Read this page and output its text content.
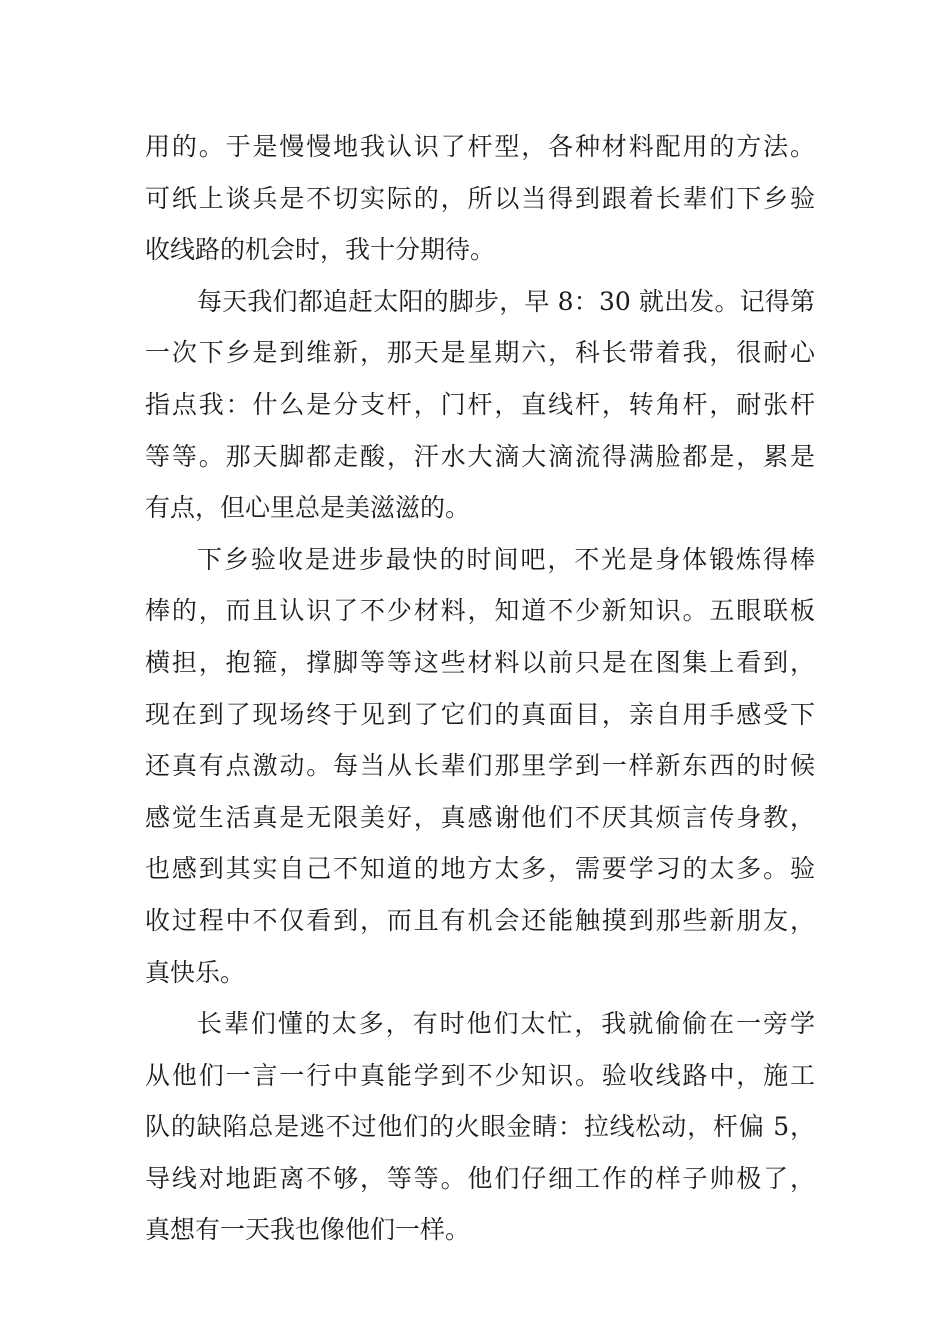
用的。于是慢慢地我认识了杆型，各种材料配用的方法。
可纸上谈兵是不切实际的，所以当得到跟着长辈们下乡验
收线路的机会时，我十分期待。
每天我们都追赶太阳的脚步，早 8：30 就出发。记得第
一次下乡是到维新，那天是星期六，科长带着我，很耐心
指点我：什么是分支杆，门杆，直线杆，转角杆，耐张杆
等等。那天脚都走酸，汗水大滴大滴流得满脸都是，累是
有点，但心里总是美滋滋的。
下乡验收是进步最快的时间吧，不光是身体锻炼得棒
棒的，而且认识了不少材料，知道不少新知识。五眼联板
横担，抱箍，撑脚等等这些材料以前只是在图集上看到，
现在到了现场终于见到了它们的真面目，亲自用手感受下
还真有点激动。每当从长辈们那里学到一样新东西的时候
感觉生活真是无限美好，真感谢他们不厌其烦言传身教，
也感到其实自己不知道的地方太多，需要学习的太多。验
收过程中不仅看到，而且有机会还能触摸到那些新朋友，
真快乐。
长辈们懂的太多，有时他们太忙，我就偷偷在一旁学
从他们一言一行中真能学到不少知识。验收线路中，施工
队的缺陷总是逃不过他们的火眼金睛：拉线松动，杆偏 5，
导线对地距离不够，等等。他们仔细工作的样子帅极了，
真想有一天我也像他们一样。
